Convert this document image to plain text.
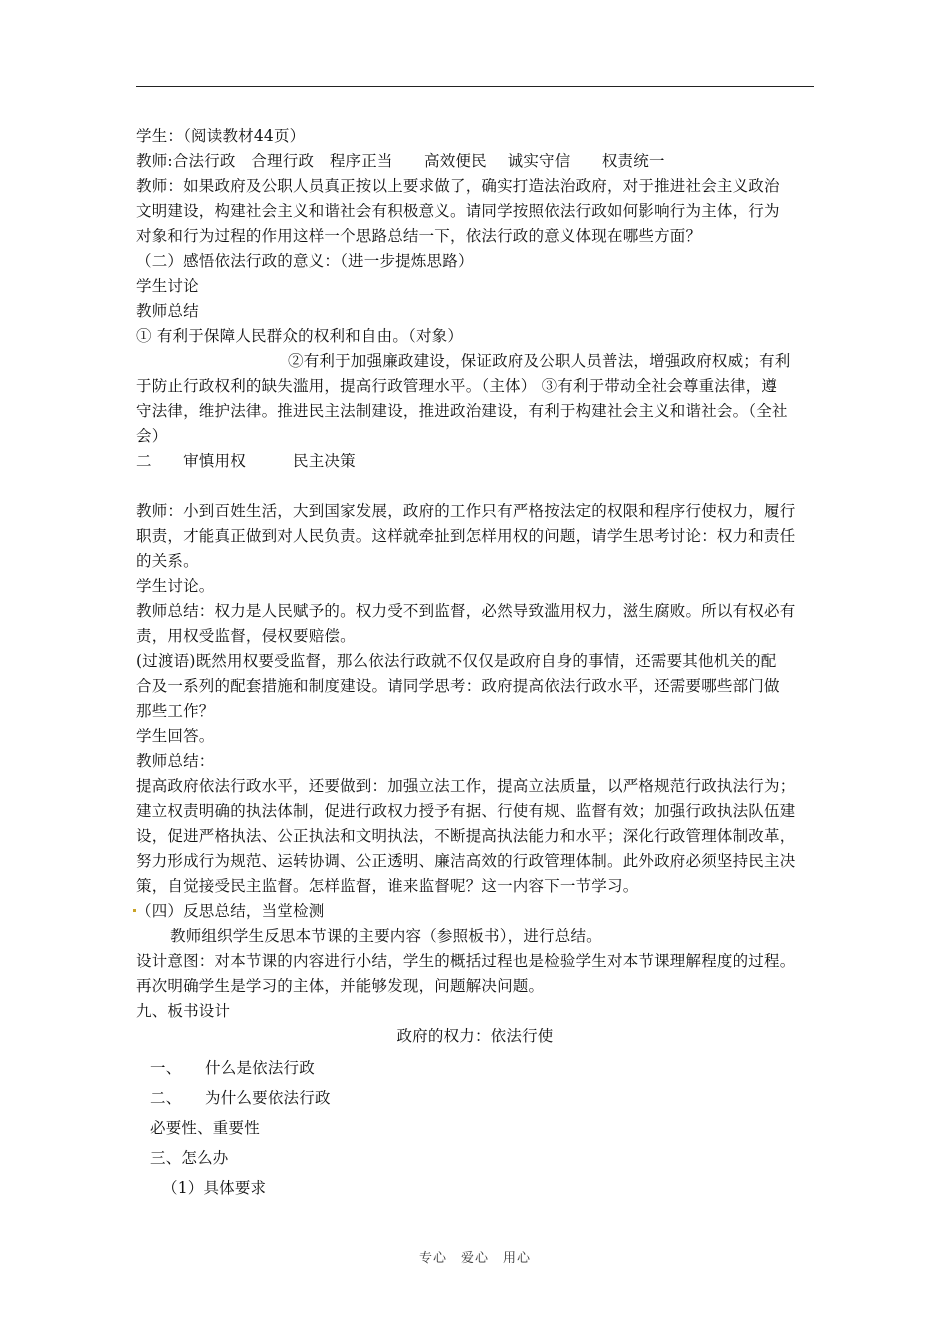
学生：（阅读教材44页）
教师:合法行政　合理行政　程序正当　　高效便民　 诚实守信　　权责统一
教师：如果政府及公职人员真正按以上要求做了，确实打造法治政府，对于推进社会主义政治
文明建设，构建社会主义和谐社会有积极意义。请同学按照依法行政如何影响行为主体，行为
对象和行为过程的作用这样一个思路总结一下，依法行政的意义体现在哪些方面？
（二）感悟依法行政的意义：（进一步提炼思路）
学生讨论
教师总结
① 有利于保障人民群众的权利和自由。（对象）
②有利于加强廉政建设，保证政府及公职人员普法，增强政府权威；有利
于防止行政权利的缺失滥用，提高行政管理水平。（主体） ③有利于带动全社会尊重法律，遵
守法律，维护法律。推进民主法制建设，推进政治建设，有利于构建社会主义和谐社会。（全社
会）
二　　审慎用权　　　民主决策
教师：小到百姓生活，大到国家发展，政府的工作只有严格按法定的权限和程序行使权力，履行
职责，才能真正做到对人民负责。这样就牵扯到怎样用权的问题，请学生思考讨论：权力和责任
的关系。
学生讨论。
教师总结：权力是人民赋予的。权力受不到监督，必然导致滥用权力，滋生腐败。所以有权必有
责，用权受监督，侵权要赔偿。
(过渡语)既然用权要受监督，那么依法行政就不仅仅是政府自身的事情，还需要其他机关的配
合及一系列的配套措施和制度建设。请同学思考：政府提高依法行政水平，还需要哪些部门做
那些工作？
学生回答。
教师总结：
提高政府依法行政水平，还要做到：加强立法工作，提高立法质量，以严格规范行政执法行为；
建立权责明确的执法体制，促进行政权力授予有据、行使有规、监督有效；加强行政执法队伍建
设，促进严格执法、公正执法和文明执法，不断提高执法能力和水平；深化行政管理体制改革，
努力形成行为规范、运转协调、公正透明、廉洁高效的行政管理体制。此外政府必须坚持民主决
策，自觉接受民主监督。怎样监督，谁来监督呢？这一内容下一节学习。
（四）反思总结，当堂检测
教师组织学生反思本节课的主要内容（参照板书），进行总结。
设计意图：对本节课的内容进行小结，学生的概括过程也是检验学生对本节课理解程度的过程。
再次明确学生是学习的主体，并能够发现，问题解决问题。
九、板书设计
政府的权力：依法行使
一、　　什么是依法行政
二、　　为什么要依法行政
必要性、重要性
三、怎么办
（1）具体要求
专心　爱心　用心
